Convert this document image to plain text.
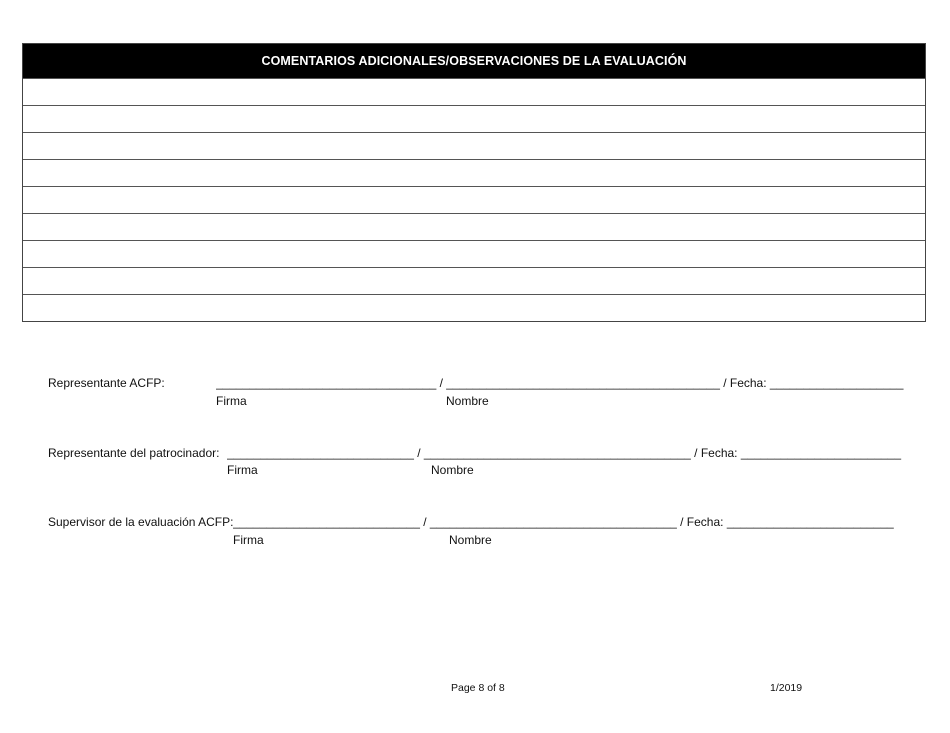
COMENTARIOS ADICIONALES/OBSERVACIONES DE LA EVALUACIÓN
Representante ACFP:	_________________________________ / _________________________________________ / Fecha: ____________________
Firma	Nombre
Representante del patrocinador: ____________________________ / ________________________________________ / Fecha: ________________________
Firma	Nombre
Supervisor de la evaluación ACFP: ____________________________ / _____________________________________ / Fecha: _________________________
Firma	Nombre
Page 8 of 8	1/2019
